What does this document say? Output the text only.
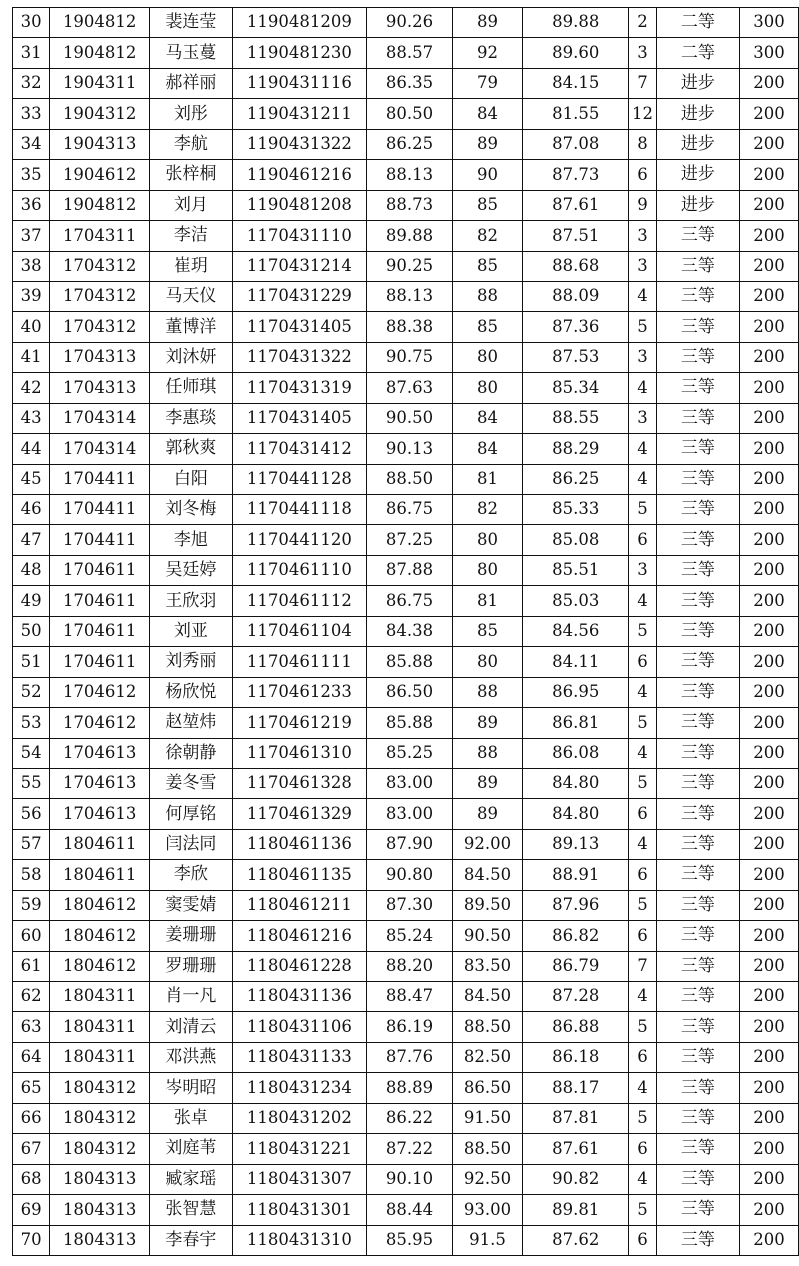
30	1904812	裴连莹	1190481209	90.26	89	89.88	2	二等	300
31	1904812	马玉蔓	1190481230	88.57	92	89.60	3	二等	300
32	1904311	郝祥丽	1190431116	86.35	79	84.15	7	进步	200
33	1904312	刘彤	1190431211	80.50	84	81.55	12	进步	200
34	1904313	李航	1190431322	86.25	89	87.08	8	进步	200
35	1904612	张梓桐	1190461216	88.13	90	87.73	6	进步	200
36	1904812	刘月	1190481208	88.73	85	87.61	9	进步	200
37	1704311	李洁	1170431110	89.88	82	87.51	3	三等	200
38	1704312	崔玥	1170431214	90.25	85	88.68	3	三等	200
39	1704312	马天仪	1170431229	88.13	88	88.09	4	三等	200
40	1704312	董博洋	1170431405	88.38	85	87.36	5	三等	200
41	1704313	刘沐妍	1170431322	90.75	80	87.53	3	三等	200
42	1704313	任师琪	1170431319	87.63	80	85.34	4	三等	200
43	1704314	李惠琰	1170431405	90.50	84	88.55	3	三等	200
44	1704314	郭秋爽	1170431412	90.13	84	88.29	4	三等	200
45	1704411	白阳	1170441128	88.50	81	86.25	4	三等	200
46	1704411	刘冬梅	1170441118	86.75	82	85.33	5	三等	200
47	1704411	李旭	1170441120	87.25	80	85.08	6	三等	200
48	1704611	吴廷婷	1170461110	87.88	80	85.51	3	三等	200
49	1704611	王欣羽	1170461112	86.75	81	85.03	4	三等	200
50	1704611	刘亚	1170461104	84.38	85	84.56	5	三等	200
51	1704611	刘秀丽	1170461111	85.88	80	84.11	6	三等	200
52	1704612	杨欣悦	1170461233	86.50	88	86.95	4	三等	200
53	1704612	赵堃炜	1170461219	85.88	89	86.81	5	三等	200
54	1704613	徐朝静	1170461310	85.25	88	86.08	4	三等	200
55	1704613	姜冬雪	1170461328	83.00	89	84.80	5	三等	200
56	1704613	何厚铭	1170461329	83.00	89	84.80	6	三等	200
57	1804611	闫法同	1180461136	87.90	92.00	89.13	4	三等	200
58	1804611	李欣	1180461135	90.80	84.50	88.91	6	三等	200
59	1804612	窦雯婧	1180461211	87.30	89.50	87.96	5	三等	200
60	1804612	姜珊珊	1180461216	85.24	90.50	86.82	6	三等	200
61	1804612	罗珊珊	1180461228	88.20	83.50	86.79	7	三等	200
62	1804311	肖一凡	1180431136	88.47	84.50	87.28	4	三等	200
63	1804311	刘清云	1180431106	86.19	88.50	86.88	5	三等	200
64	1804311	邓洪燕	1180431133	87.76	82.50	86.18	6	三等	200
65	1804312	岑明昭	1180431234	88.89	86.50	88.17	4	三等	200
66	1804312	张卓	1180431202	86.22	91.50	87.81	5	三等	200
67	1804312	刘庭苇	1180431221	87.22	88.50	87.61	6	三等	200
68	1804313	臧家瑶	1180431307	90.10	92.50	90.82	4	三等	200
69	1804313	张智慧	1180431301	88.44	93.00	89.81	5	三等	200
70	1804313	李春宇	1180431310	85.95	91.5	87.62	6	三等	200
